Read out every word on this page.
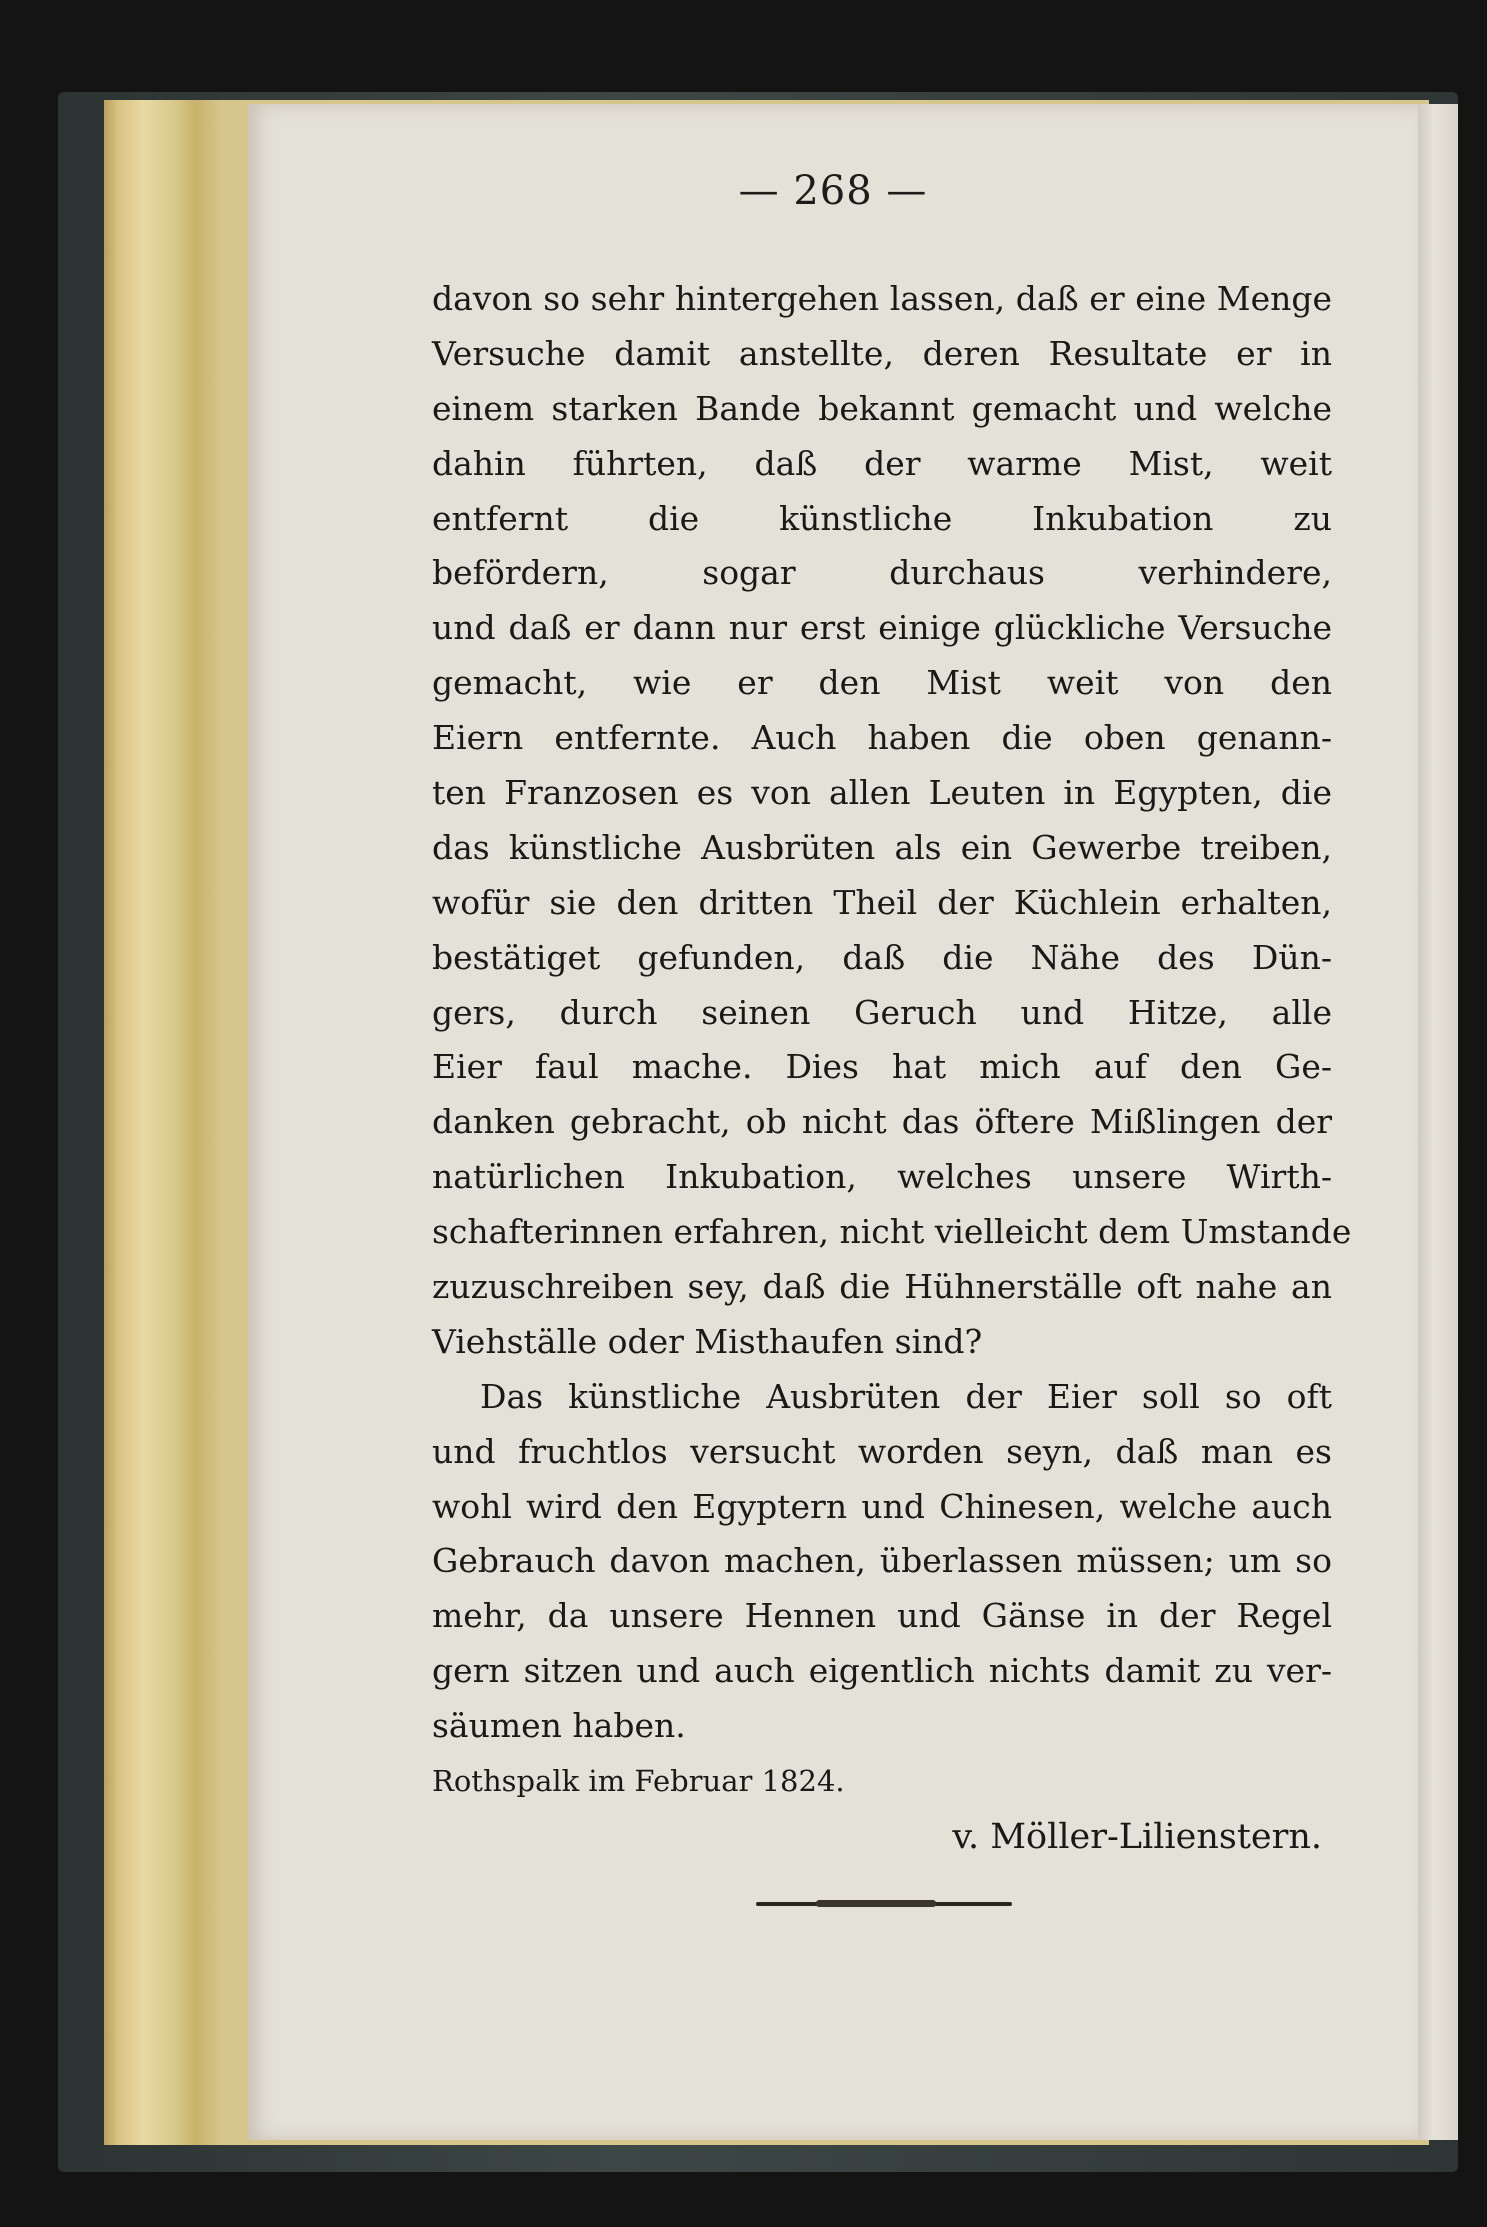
— 268 —
davon so sehr hintergehen lassen, daß er eine Menge
Versuche damit anstellte, deren Resultate er in
einem starken Bande bekannt gemacht und welche
dahin führten, daß der warme Mist, weit
entfernt die künstliche Inkubation zu
befördern, sogar durchaus verhindere,
und daß er dann nur erst einige glückliche Versuche
gemacht, wie er den Mist weit von den
Eiern entfernte. Auch haben die oben genann-
ten Franzosen es von allen Leuten in Egypten, die
das künstliche Ausbrüten als ein Gewerbe treiben,
wofür sie den dritten Theil der Küchlein erhalten,
bestätiget gefunden, daß die Nähe des Dün-
gers, durch seinen Geruch und Hitze, alle
Eier faul mache. Dies hat mich auf den Ge-
danken gebracht, ob nicht das öftere Mißlingen der
natürlichen Inkubation, welches unsere Wirth-
schafterinnen erfahren, nicht vielleicht dem Umstande
zuzuschreiben sey, daß die Hühnerställe oft nahe an
Viehställe oder Misthaufen sind?
Das künstliche Ausbrüten der Eier soll so oft
und fruchtlos versucht worden seyn, daß man es
wohl wird den Egyptern und Chinesen, welche auch
Gebrauch davon machen, überlassen müssen; um so
mehr, da unsere Hennen und Gänse in der Regel
gern sitzen und auch eigentlich nichts damit zu ver-
säumen haben.
Rothspalk im Februar 1824.
v. Möller-Lilienstern.
